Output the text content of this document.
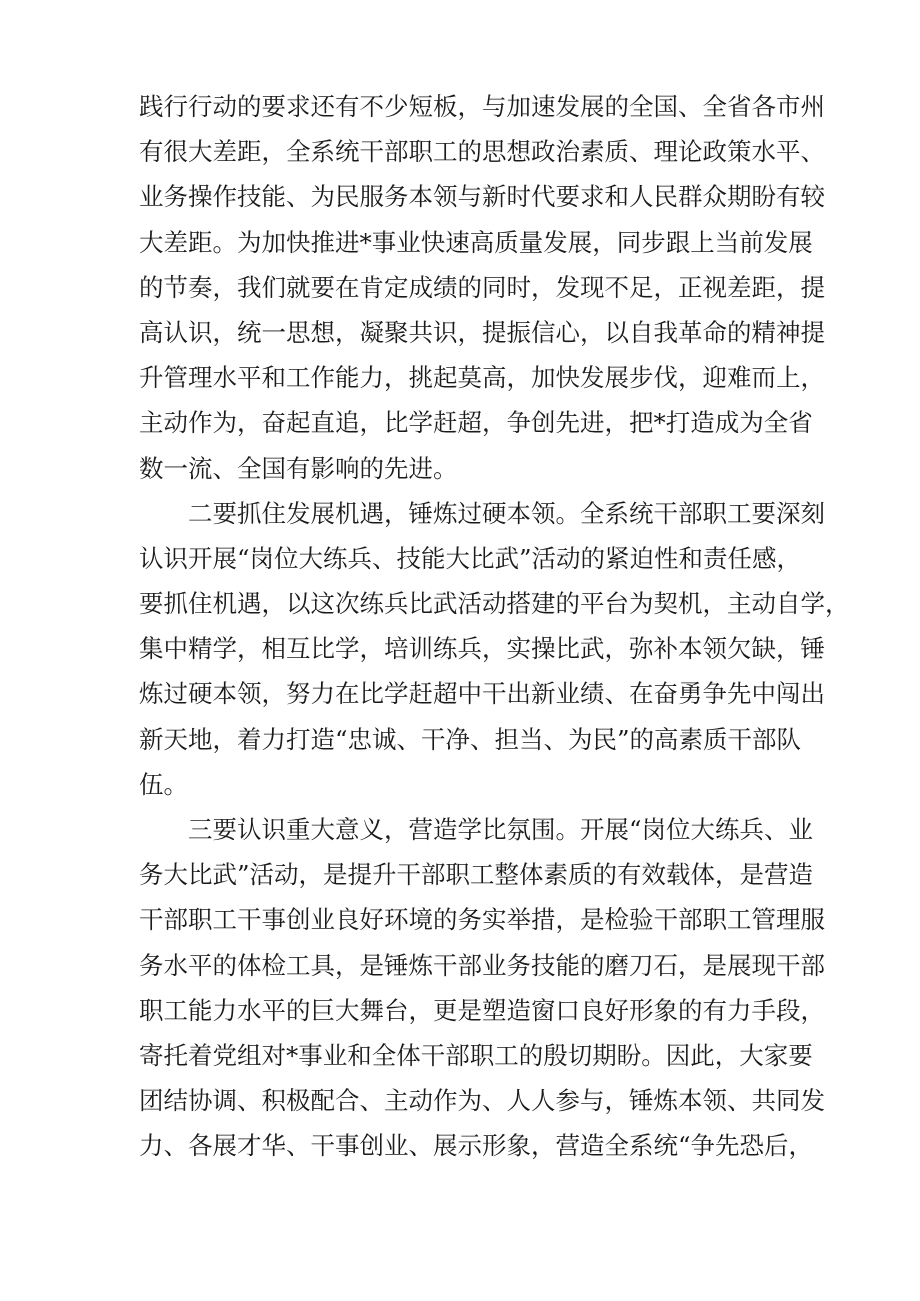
践行行动的要求还有不少短板，与加速发展的全国、全省各市州
有很大差距，全系统干部职工的思想政治素质、理论政策水平、
业务操作技能、为民服务本领与新时代要求和人民群众期盼有较
大差距。为加快推进*事业快速高质量发展，同步跟上当前发展
的节奏，我们就要在肯定成绩的同时，发现不足，正视差距，提
高认识，统一思想，凝聚共识，提振信心，以自我革命的精神提
升管理水平和工作能力，挑起莫高，加快发展步伐，迎难而上，
主动作为，奋起直追，比学赶超，争创先进，把*打造成为全省
数一流、全国有影响的先进。
　　二要抓住发展机遇，锤炼过硬本领。全系统干部职工要深刻
认识开展“岗位大练兵、技能大比武”活动的紧迫性和责任感，
要抓住机遇，以这次练兵比武活动搭建的平台为契机，主动自学，
集中精学，相互比学，培训练兵，实操比武，弥补本领欠缺，锤
炼过硬本领，努力在比学赶超中干出新业绩、在奋勇争先中闯出
新天地，着力打造“忠诚、干净、担当、为民”的高素质干部队
伍。
　　三要认识重大意义，营造学比氛围。开展“岗位大练兵、业
务大比武”活动，是提升干部职工整体素质的有效载体，是营造
干部职工干事创业良好环境的务实举措，是检验干部职工管理服
务水平的体检工具，是锤炼干部业务技能的磨刀石，是展现干部
职工能力水平的巨大舞台，更是塑造窗口良好形象的有力手段，
寄托着党组对*事业和全体干部职工的殷切期盼。因此，大家要
团结协调、积极配合、主动作为、人人参与，锤炼本领、共同发
力、各展才华、干事创业、展示形象，营造全系统“争先恐后，
